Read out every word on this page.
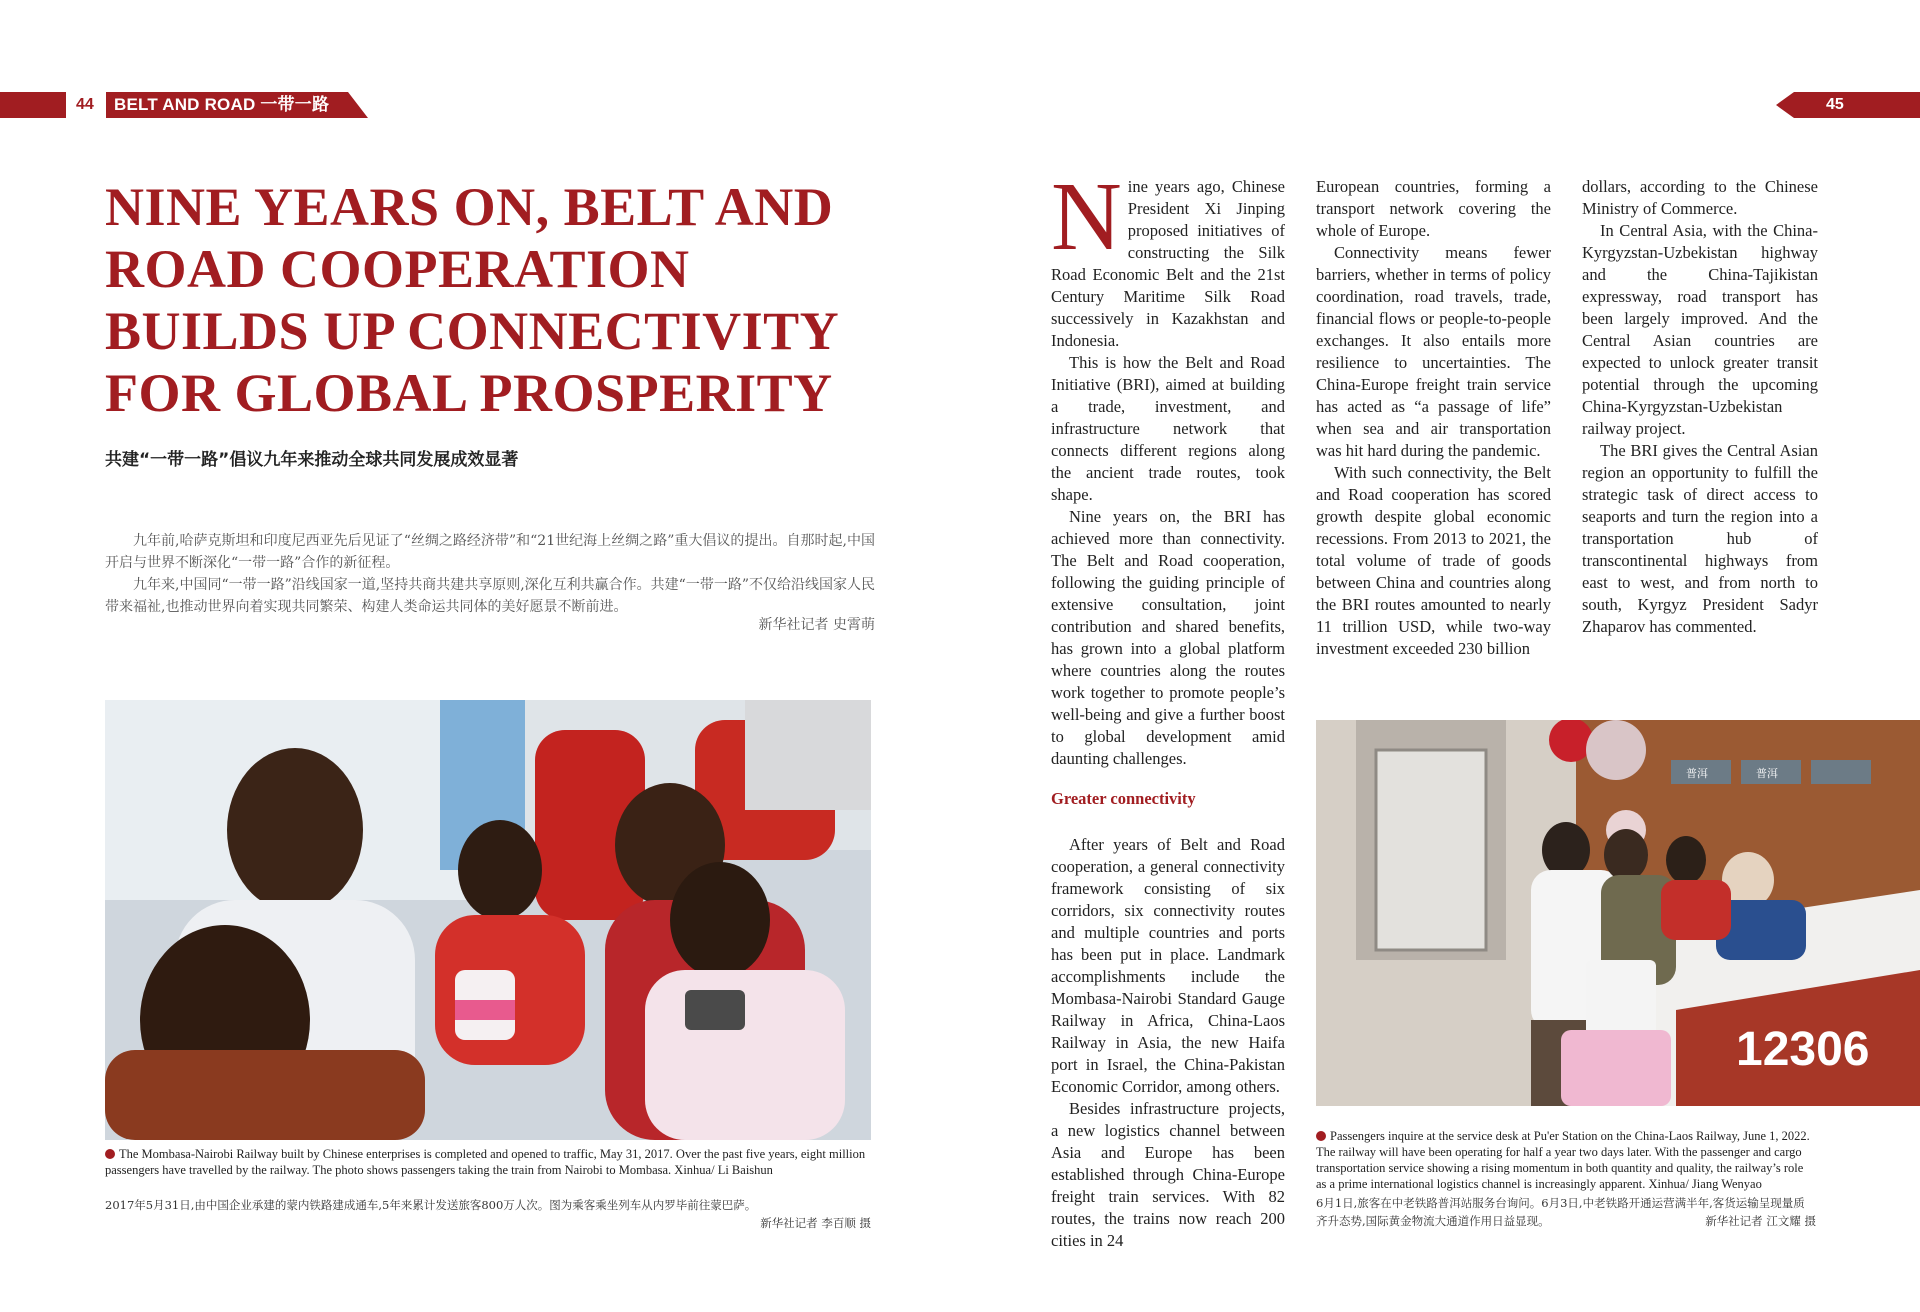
44	BELT AND ROAD 一带一路	45
NINE YEARS ON, BELT AND
ROAD COOPERATION
BUILDS UP CONNECTIVITY
FOR GLOBAL PROSPERITY
共建“一带一路”倡议九年来推动全球共同发展成效显著

九年前,哈萨克斯坦和印度尼西亚先后见证了“丝绸之路经济带”和“21世纪海上丝绸之路”重大倡议的提出。自那时起,中国开启与世界不断深化“一带一路”合作的新征程。

九年来,中国同“一带一路”沿线国家一道,坚持共商共建共享原则,深化互利共赢合作。共建“一带一路”不仅给沿线国家人民带来福祉,也推动世界向着实现共同繁荣、构建人类命运共同体的美好愿景不断前进。

新华社记者 史霄萌
The Mombasa-Nairobi Railway built by Chinese enterprises is completed and opened to traffic, May 31, 2017. Over the past five years, eight million passengers have travelled by the railway. The photo shows passengers taking the train from Nairobi to Mombasa. Xinhua/ Li Baishun
2017年5月31日,由中国企业承建的蒙内铁路建成通车,5年来累计发送旅客800万人次。图为乘客乘坐列车从内罗毕前往蒙巴萨。
新华社记者 李百顺 摄

Nine years ago, Chinese President Xi Jinping proposed initiatives of constructing the Silk Road Economic Belt and the 21st Century Maritime Silk Road successively in Kazakhstan and Indonesia.

This is how the Belt and Road Initiative (BRI), aimed at building a trade, investment, and infrastructure network that connects different regions along the ancient trade routes, took shape.

Nine years on, the BRI has achieved more than connectivity. The Belt and Road cooperation, following the guiding principle of extensive consultation, joint contribution and shared benefits, has grown into a global platform where countries along the routes work together to promote people’s well-being and give a further boost to global development amid daunting challenges.

Greater connectivity

After years of Belt and Road cooperation, a general connectivity framework consisting of six corridors, six connectivity routes and multiple countries and ports has been put in place. Landmark accomplishments include the Mombasa-Nairobi Standard Gauge Railway in Africa, China-Laos Railway in Asia, the new Haifa port in Israel, the China-Pakistan Economic Corridor, among others.

Besides infrastructure projects, a new logistics channel between Asia and Europe has been established through China-Europe freight train services. With 82 routes, the trains now reach 200 cities in 24

European countries, forming a transport network covering the whole of Europe.

Connectivity means fewer barriers, whether in terms of policy coordination, road travels, trade, financial flows or people-to-people exchanges. It also entails more resilience to uncertainties. The China-Europe freight train service has acted as “a passage of life” when sea and air transportation was hit hard during the pandemic.

With such connectivity, the Belt and Road cooperation has scored growth despite global economic recessions. From 2013 to 2021, the total volume of trade of goods between China and countries along the BRI routes amounted to nearly 11 trillion USD, while two-way investment exceeded 230 billion

dollars, according to the Chinese Ministry of Commerce.

In Central Asia, with the China-Kyrgyzstan-Uzbekistan highway and the China-Tajikistan expressway, road transport has been largely improved. And the Central Asian countries are expected to unlock greater transit potential through the upcoming China-Kyrgyzstan-Uzbekistan railway project.

The BRI gives the Central Asian region an opportunity to fulfill the strategic task of direct access to seaports and turn the region into a transportation hub of transcontinental highways from east to west, and from north to south, Kyrgyz President Sadyr Zhaparov has commented.

普洱	普洱
12306
Passengers inquire at the service desk at Pu'er Station on the China-Laos Railway, June 1, 2022. The railway will have been operating for half a year two days later. With the passenger and cargo transportation service showing a rising momentum in both quantity and quality, the railway’s role as a prime international logistics channel is increasingly apparent. Xinhua/ Jiang Wenyao
6月1日,旅客在中老铁路普洱站服务台询问。6月3日,中老铁路开通运营满半年,客货运输呈现量质齐升态势,国际黄金物流大通道作用日益显现。	新华社记者 江文耀 摄
